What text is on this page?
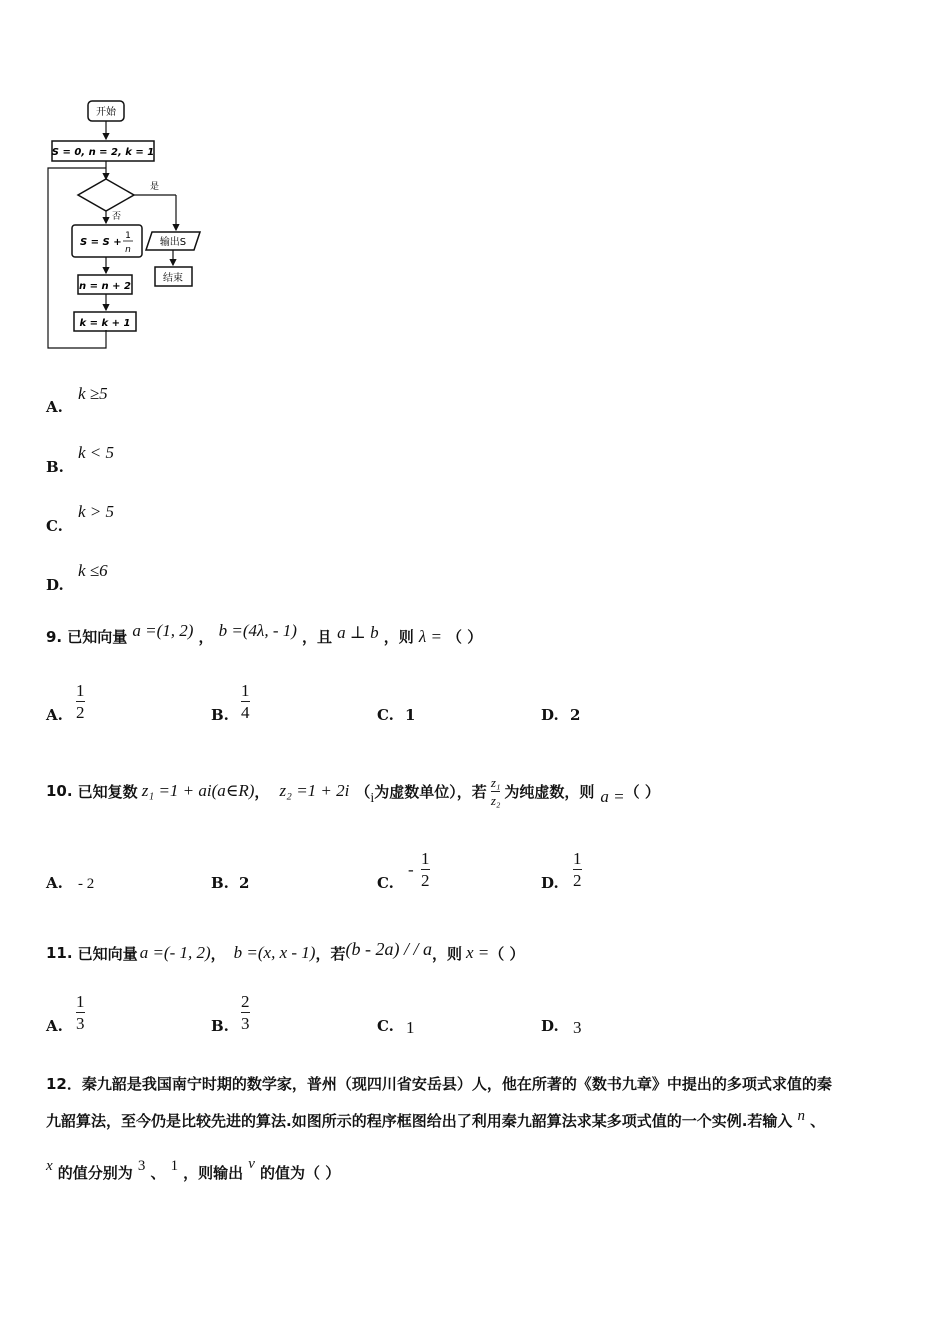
开始
S = 0, n = 2, k = 1
是
否
S = S +
1
n
输出S
结束
n = n + 2
k = k + 1
A.
k ≥5
B.
k < 5
C.
k > 5
D.
k ≤6
9. 已知向量 a =(1, 2) ， b =(4λ, - 1) ，且 a ⊥ b ，则 λ = （ ）
A.
1
2	B.
1
4	C. 1	D. 2
10.
已知复数 z₁ =1 + ai(a∈R) ， z₂ =1 + 2i （ i 为虚数单位），若 $\frac{\text{z₁}}{\text{z₂}}$ 为纯虚数，则 a = （ ）
A. - 2	B. 2	C.
-
1
2	D.
1
2
11.
已知向量 a =(- 1, 2) ， b =(x, x - 1) ，若 (b - 2a) / / a ，则 x = （ ）
A.
1
3	B.
2
3	C. 1	D. 3
12．秦九韶是我国南宁时期的数学家，普州（现四川省安岳县）人，他在所著的《数书九章》中提出的多项式求值的秦
九韶算法，至今仍是比较先进的算法.如图所示的程序框图给出了利用秦九韶算法求某多项式值的一个实例.若输入 n 、
x 的值分别为 3 、 1 ，则输出 v 的值为（ ）
